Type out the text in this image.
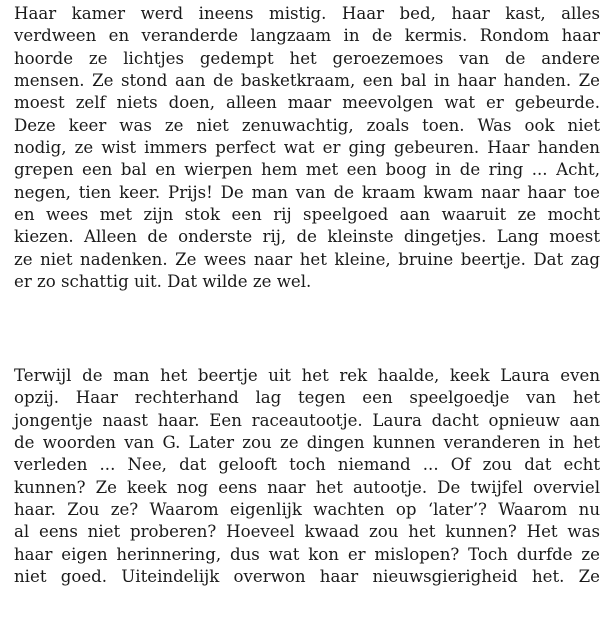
Haar kamer werd ineens mistig. Haar bed, haar kast, alles
verdween en veranderde langzaam in de kermis. Rondom haar
hoorde ze lichtjes gedempt het geroezemoes van de andere
mensen. Ze stond aan de basketkraam, een bal in haar handen. Ze
moest zelf niets doen, alleen maar meevolgen wat er gebeurde.
Deze keer was ze niet zenuwachtig, zoals toen. Was ook niet
nodig, ze wist immers perfect wat er ging gebeuren. Haar handen
grepen een bal en wierpen hem met een boog in de ring ... Acht,
negen, tien keer. Prijs! De man van de kraam kwam naar haar toe
en wees met zijn stok een rij speelgoed aan waaruit ze mocht
kiezen. Alleen de onderste rij, de kleinste dingetjes. Lang moest
ze niet nadenken. Ze wees naar het kleine, bruine beertje. Dat zag
er zo schattig uit. Dat wilde ze wel.

Terwijl de man het beertje uit het rek haalde, keek Laura even
opzij. Haar rechterhand lag tegen een speelgoedje van het
jongentje naast haar. Een raceautootje. Laura dacht opnieuw aan
de woorden van G. Later zou ze dingen kunnen veranderen in het
verleden ... Nee, dat gelooft toch niemand ... Of zou dat echt
kunnen? Ze keek nog eens naar het autootje. De twijfel overviel
haar. Zou ze? Waarom eigenlijk wachten op ‘later’? Waarom nu
al eens niet proberen? Hoeveel kwaad zou het kunnen? Het was
haar eigen herinnering, dus wat kon er mislopen? Toch durfde ze
niet goed. Uiteindelijk overwon haar nieuwsgierigheid het. Ze
